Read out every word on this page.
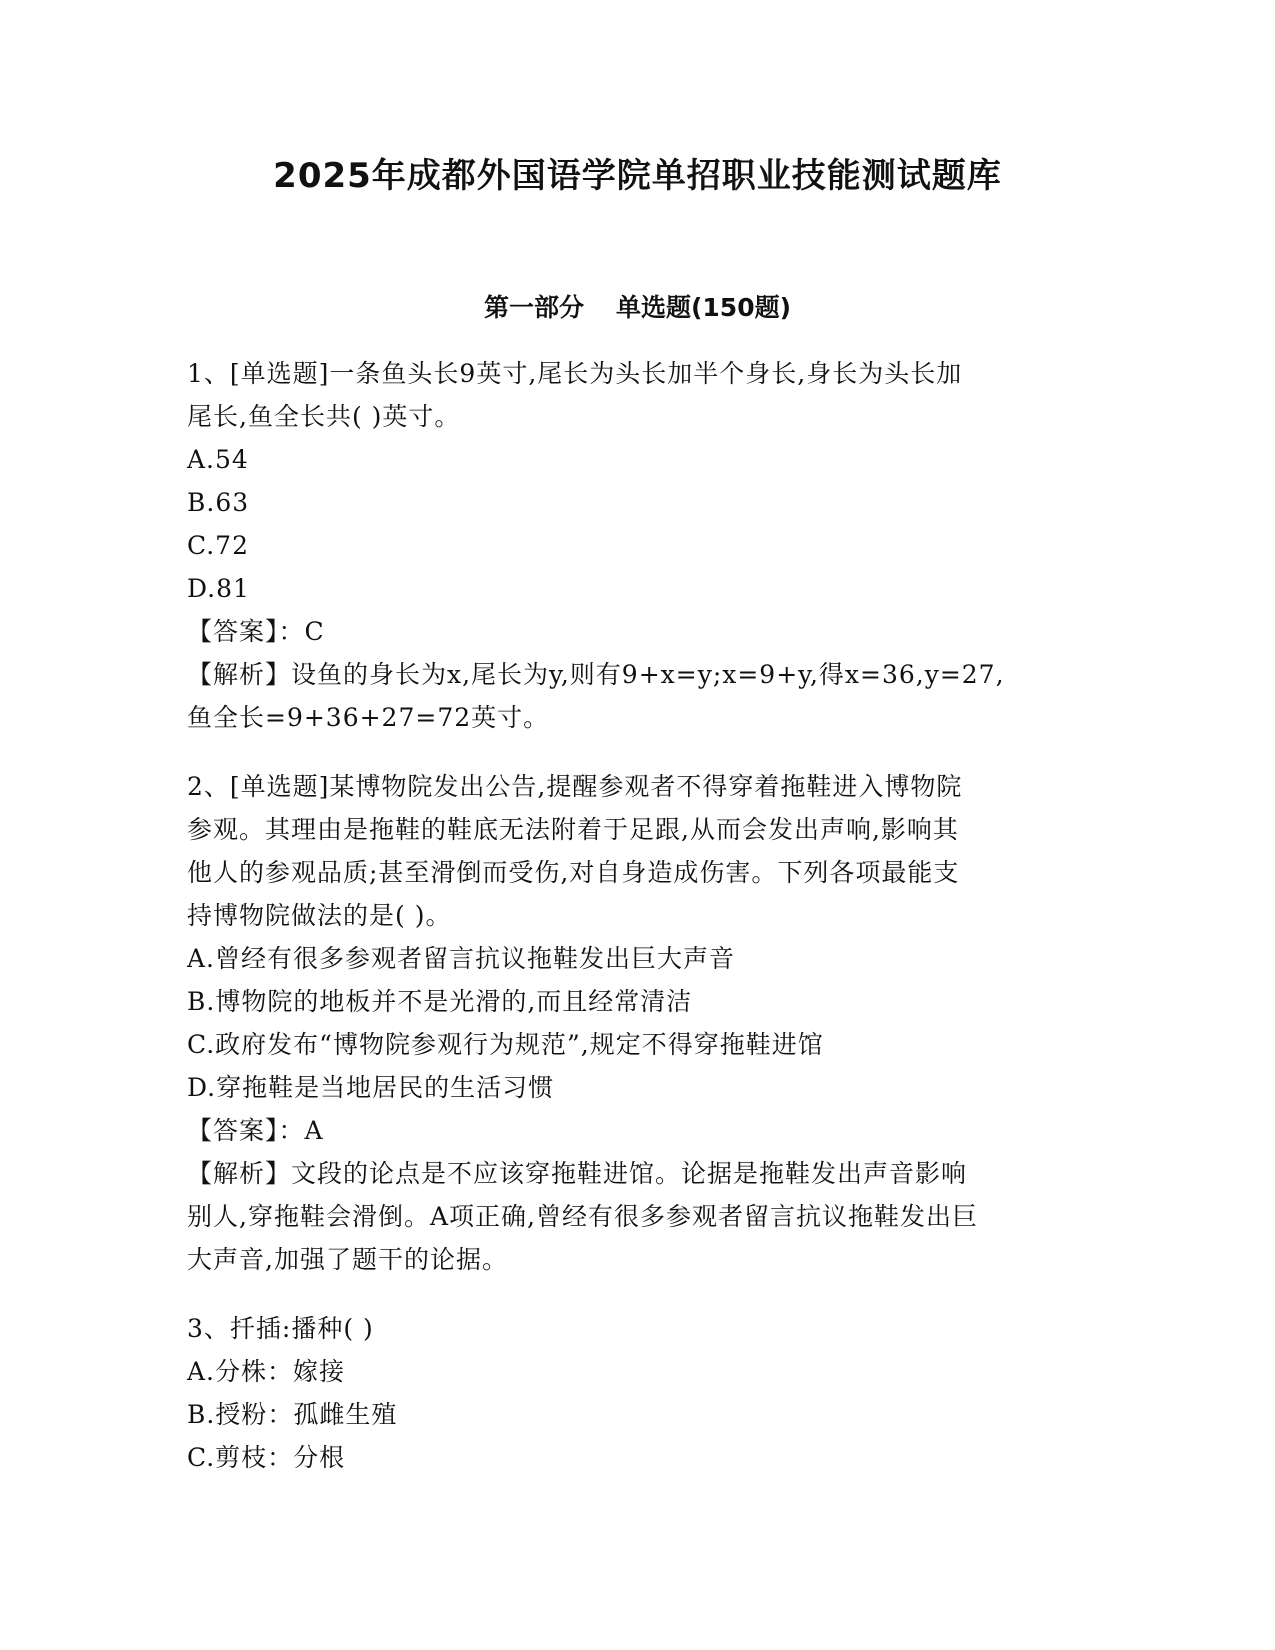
2025年成都外国语学院单招职业技能测试题库
第一部分 单选题(150题)
1、[单选题]一条鱼头长9英寸,尾长为头长加半个身长,身长为头长加
尾长,鱼全长共( )英寸。
A.54
B.63
C.72
D.81
【答案】：C
【解析】设鱼的身长为x,尾长为y,则有9+x=y;x=9+y,得x=36,y=27,
鱼全长=9+36+27=72英寸。
2、[单选题]某博物院发出公告,提醒参观者不得穿着拖鞋进入博物院
参观。其理由是拖鞋的鞋底无法附着于足跟,从而会发出声响,影响其
他人的参观品质;甚至滑倒而受伤,对自身造成伤害。下列各项最能支
持博物院做法的是( )。
A.曾经有很多参观者留言抗议拖鞋发出巨大声音
B.博物院的地板并不是光滑的,而且经常清洁
C.政府发布“博物院参观行为规范”,规定不得穿拖鞋进馆
D.穿拖鞋是当地居民的生活习惯
【答案】：A
【解析】文段的论点是不应该穿拖鞋进馆。论据是拖鞋发出声音影响
别人,穿拖鞋会滑倒。A项正确,曾经有很多参观者留言抗议拖鞋发出巨
大声音,加强了题干的论据。
3、扦插:播种( )
A.分株：嫁接
B.授粉：孤雌生殖
C.剪枝：分根
